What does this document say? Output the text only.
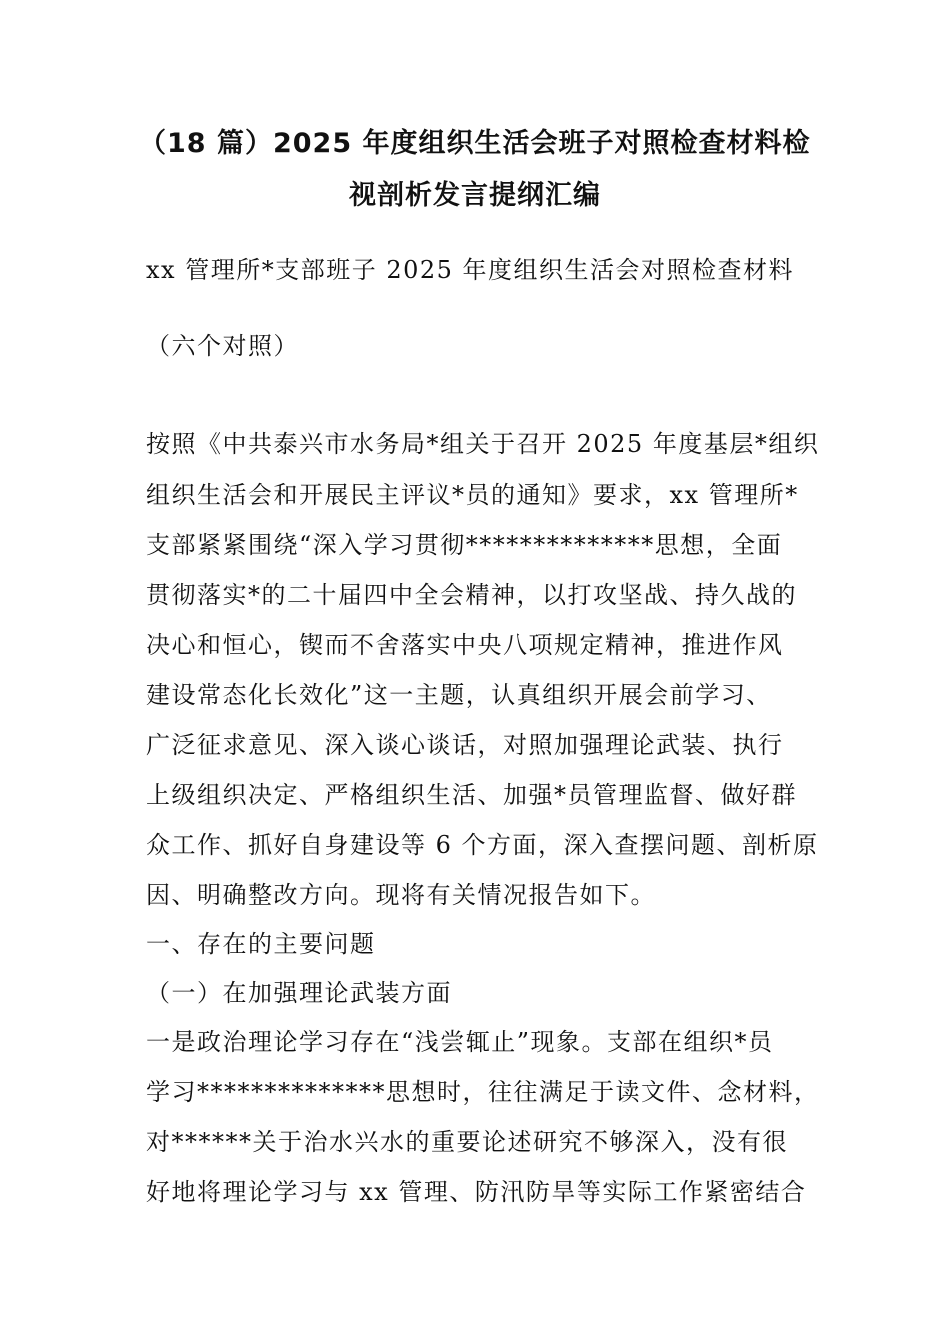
（18 篇）2025 年度组织生活会班子对照检查材料检
视剖析发言提纲汇编
xx 管理所*支部班子 2025 年度组织生活会对照检查材料
（六个对照）
按照《中共泰兴市水务局*组关于召开 2025 年度基层*组织
组织生活会和开展民主评议*员的通知》要求，xx 管理所*
支部紧紧围绕“深入学习贯彻**************思想，全面
贯彻落实*的二十届四中全会精神，以打攻坚战、持久战的
决心和恒心，锲而不舍落实中央八项规定精神，推进作风
建设常态化长效化”这一主题，认真组织开展会前学习、
广泛征求意见、深入谈心谈话，对照加强理论武装、执行
上级组织决定、严格组织生活、加强*员管理监督、做好群
众工作、抓好自身建设等 6 个方面，深入查摆问题、剖析原
因、明确整改方向。现将有关情况报告如下。
一、存在的主要问题
（一）在加强理论武装方面
一是政治理论学习存在“浅尝辄止”现象。支部在组织*员
学习**************思想时，往往满足于读文件、念材料，
对******关于治水兴水的重要论述研究不够深入，没有很
好地将理论学习与 xx 管理、防汛防旱等实际工作紧密结合
